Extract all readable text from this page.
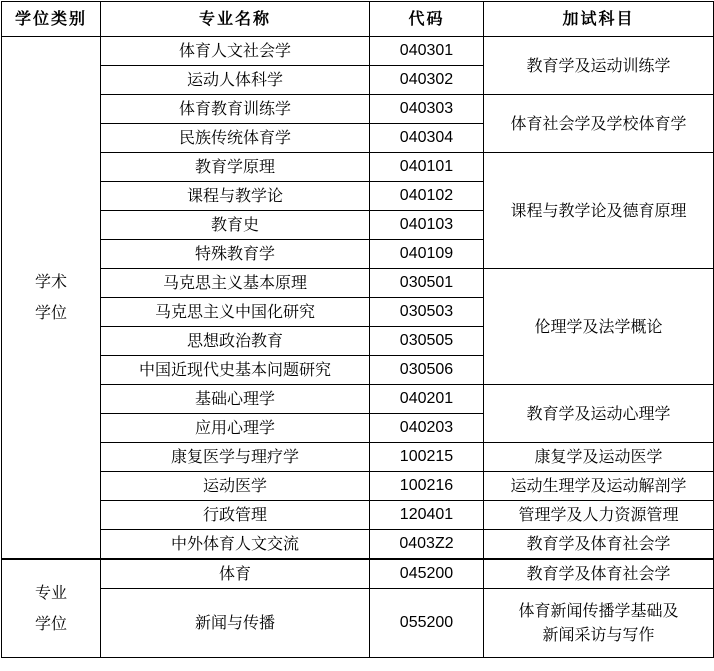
学位类别	专业名称	代码	加试科目

学术
学位	体育人文社会学	040301	教育学及运动训练学
	运动人体科学	040302	
	体育教育训练学	040303	体育社会学及学校体育学
	民族传统体育学	040304	
	教育学原理	040101	课程与教学论及德育原理
	课程与教学论	040102	
	教育史	040103	
	特殊教育学	040109	
	马克思主义基本原理	030501	伦理学及法学概论
	马克思主义中国化研究	030503	
	思想政治教育	030505	
	中国近现代史基本问题研究	030506	
	基础心理学	040201	教育学及运动心理学
	应用心理学	040203	
	康复医学与理疗学	100215	康复学及运动医学
	运动医学	100216	运动生理学及运动解剖学
	行政管理	120401	管理学及人力资源管理
	中外体育人文交流	0403Z2	教育学及体育社会学

专业
学位	体育	045200	教育学及体育社会学
	新闻与传播	055200	体育新闻传播学基础及
新闻采访与写作
